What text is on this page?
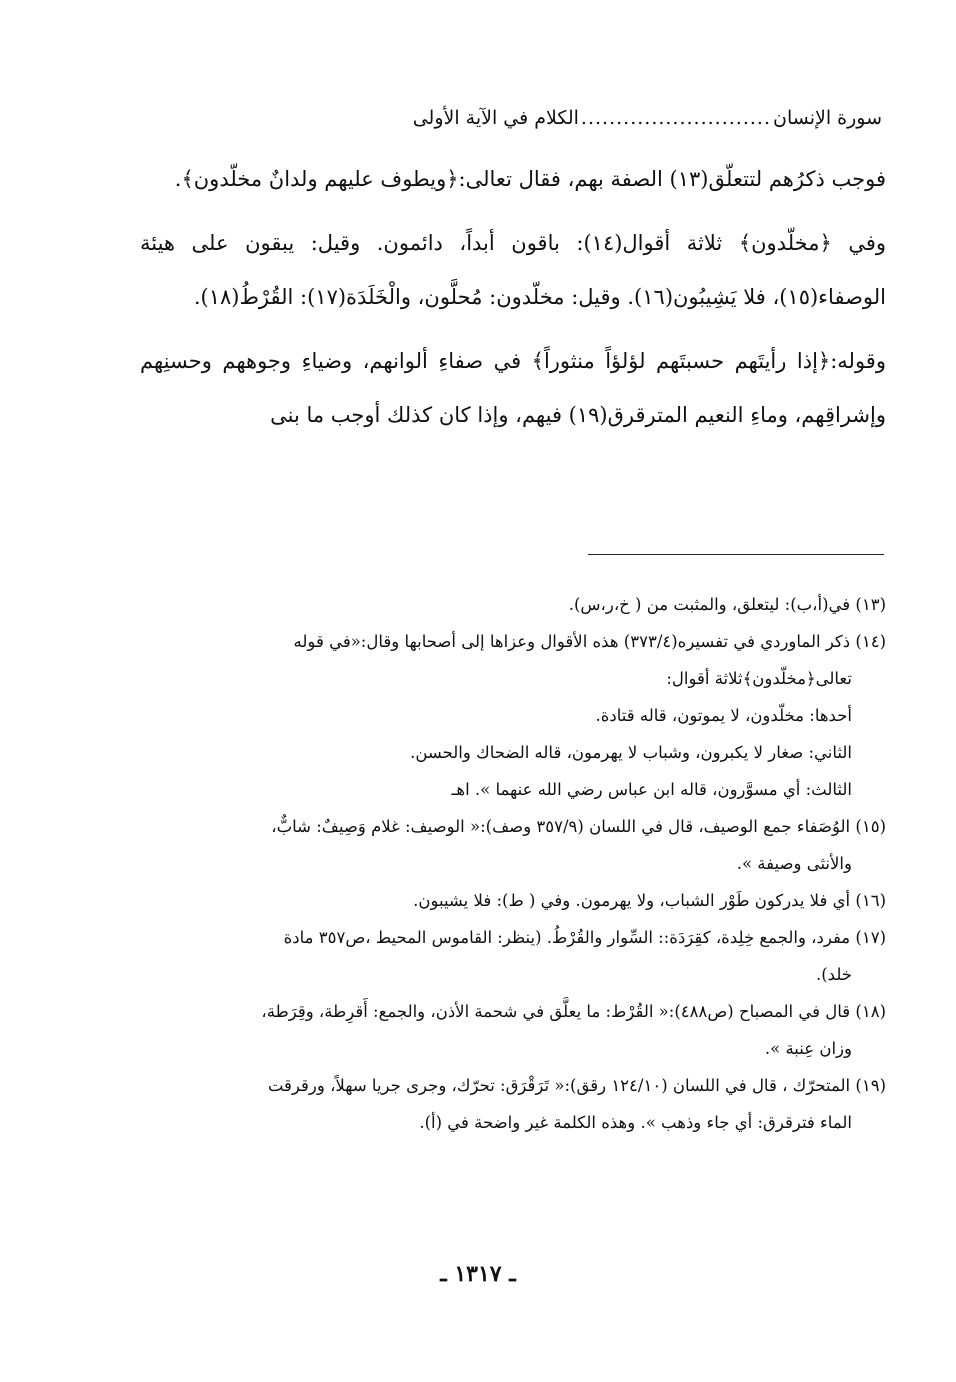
سورة الإنسان
...........................
الكلام في الآية الأولى

فوجب ذكرُهم لتتعلّق(١٣) الصفة بهم، فقال تعالى:﴿ويطوف عليهم ولدانٌ مخلّدون﴾.

وفي ﴿مخلّدون﴾ ثلاثة أقوال(١٤): باقون أبداً، دائمون. وقيل: يبقون على هيئة الوصفاء(١٥)، فلا يَشِيبُون(١٦). وقيل: مخلّدون: مُحلَّون، والْخَلَدَة(١٧): القُرْطُ(١٨).

وقوله:﴿إذا رأيتَهم حسبتَهم لؤلؤاً منثوراً﴾ في صفاءِ ألوانهم، وضياءِ وجوههم وحسنِهم وإشراقِهم، وماءِ النعيم المترقرق(١٩) فيهم، وإذا كان كذلك أوجب ما بنى

(١٣) في(أ،ب): ليتعلق، والمثبت من ( خ،ر،س).
(١٤) ذكر الماوردي في تفسيره(٣٧٣/٤) هذه الأقوال وعزاها إلى أصحابها وقال:«في قوله
تعالى﴿مخلّدون﴾ثلاثة أقوال:
أحدها: مخلّدون، لا يموتون، قاله قتادة.
الثاني: صغار لا يكبرون، وشباب لا يهرمون، قاله الضحاك والحسن.
الثالث: أي مسوَّرون، قاله ابن عباس رضي الله عنهما ». اهـ
(١٥) الوُصَفاء جمع الوصيف، قال في اللسان (٣٥٧/٩ وصف):« الوصيف: غلام وَصِيفٌ: شابٌّ،
والأنثى وصيفة ».
(١٦) أي فلا يدركون طَوْر الشباب، ولا يهرمون. وفي ( ط): فلا يشيبون.
(١٧) مفرد، والجمع خِلِدة، كقِرَدَة:: السِّوار والقُرْطُ. (ينظر: القاموس المحيط ،ص٣٥٧ مادة
خلد).
(١٨) قال في المصباح (ص٤٨٨):« القُرْط: ما يعلَّق في شحمة الأذن، والجمع: أَقرِطة، وقِرَطة،
وزان عِنبة ».
(١٩) المتحرّك ، قال في اللسان (١٢٤/١٠ رقق):« تَرَقْرَق: تحرّك، وجرى جريا سهلاً، ورقرقت
الماء فترقرق: أي جاء وذهب ». وهذه الكلمة غير واضحة في (أ).
ـ ١٣١٧ ـ
